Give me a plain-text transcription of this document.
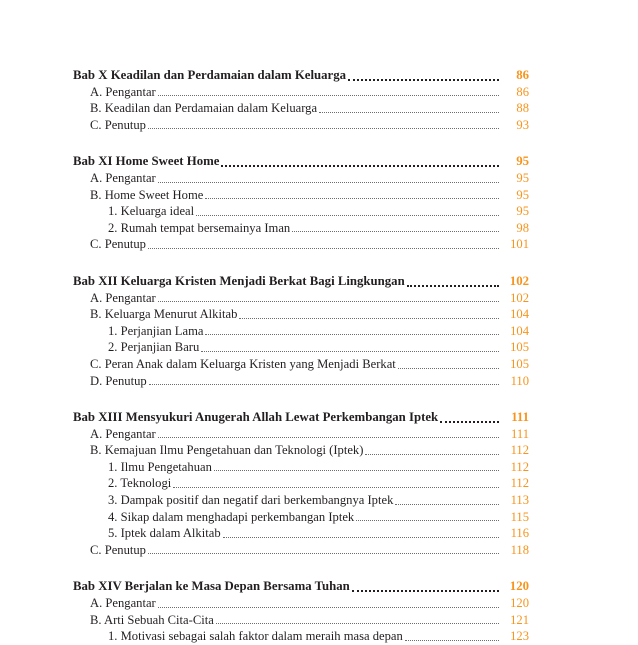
Bab X Keadilan dan Perdamaian dalam Keluarga	86
A. Pengantar	86
B. Keadilan dan Perdamaian dalam Keluarga	88
C. Penutup	93
Bab XI Home Sweet Home	95
A. Pengantar	95
B. Home Sweet Home	95
1. Keluarga ideal	95
2. Rumah tempat bersemainya Iman	98
C. Penutup	101
Bab XII Keluarga Kristen Menjadi Berkat Bagi Lingkungan	102
A. Pengantar	102
B. Keluarga Menurut Alkitab	104
1. Perjanjian Lama	104
2. Perjanjian Baru	105
C. Peran Anak dalam Keluarga Kristen yang Menjadi Berkat	105
D. Penutup	110
Bab XIII Mensyukuri Anugerah Allah Lewat Perkembangan Iptek	111
A. Pengantar	111
B. Kemajuan Ilmu Pengetahuan dan Teknologi (Iptek)	112
1. Ilmu Pengetahuan	112
2. Teknologi	112
3. Dampak positif dan negatif dari berkembangnya Iptek	113
4. Sikap dalam menghadapi perkembangan Iptek	115
5. Iptek dalam Alkitab	116
C. Penutup	118
Bab XIV Berjalan ke Masa Depan Bersama Tuhan	120
A. Pengantar	120
B. Arti Sebuah Cita-Cita	121
1. Motivasi sebagai salah faktor dalam meraih masa depan	123
